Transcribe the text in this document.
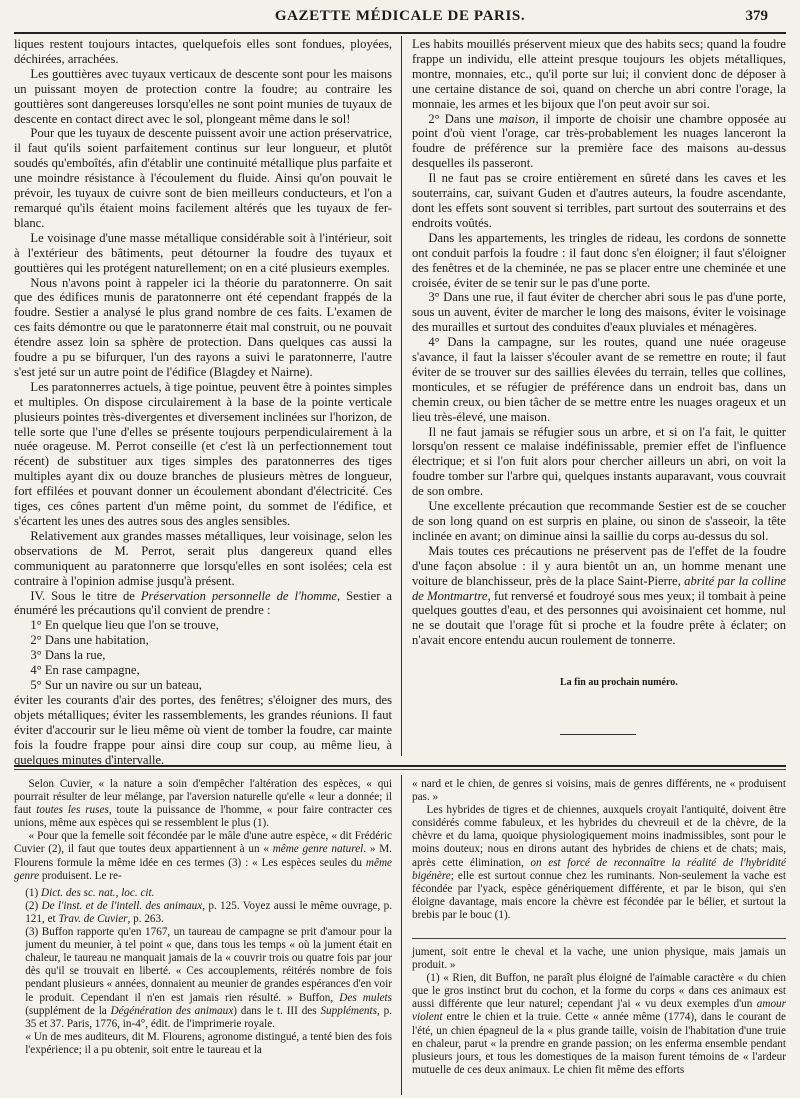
GAZETTE MÉDICALE DE PARIS.	379

liques restent toujours intactes, quelquefois elles sont fondues, ployées, déchirées, arrachées.

Les gouttières avec tuyaux verticaux de descente sont pour les maisons un puissant moyen de protection contre la foudre; au contraire les gouttières sont dangereuses lorsqu'elles ne sont point munies de tuyaux de descente en contact direct avec le sol, plongeant même dans le sol!

Pour que les tuyaux de descente puissent avoir une action préservatrice, il faut qu'ils soient parfaitement continus sur leur longueur, et plutôt soudés qu'emboîtés, afin d'établir une continuité métallique plus parfaite et une moindre résistance à l'écoulement du fluide. Ainsi qu'on pouvait le prévoir, les tuyaux de cuivre sont de bien meilleurs conducteurs, et l'on a remarqué qu'ils étaient moins facilement altérés que les tuyaux de fer-blanc.

Le voisinage d'une masse métallique considérable soit à l'intérieur, soit à l'extérieur des bâtiments, peut détourner la foudre des tuyaux et gouttières qui les protégent naturellement; on en a cité plusieurs exemples.

Nous n'avons point à rappeler ici la théorie du paratonnerre. On sait que des édifices munis de paratonnerre ont été cependant frappés de la foudre. Sestier a analysé le plus grand nombre de ces faits. L'examen de ces faits démontre ou que le paratonnerre était mal construit, ou ne pouvait étendre assez loin sa sphère de protection. Dans quelques cas aussi la foudre a pu se bifurquer, l'un des rayons a suivi le paratonnerre, l'autre s'est jeté sur un autre point de l'édifice (Blagdey et Nairne).

Les paratonnerres actuels, à tige pointue, peuvent être à pointes simples et multiples. On dispose circulairement à la base de la pointe verticale plusieurs pointes très-divergentes et diversement inclinées sur l'horizon, de telle sorte que l'une d'elles se présente toujours perpendiculairement à la nuée orageuse. M. Perrot conseille (et c'est là un perfectionnement tout récent) de substituer aux tiges simples des paratonnerres des tiges multiples ayant dix ou douze branches de plusieurs mètres de longueur, fort effilées et pouvant donner un écoulement abondant d'électricité. Ces tiges, ces cônes partent d'un même point, du sommet de l'édifice, et s'écartent les unes des autres sous des angles sensibles.

Relativement aux grandes masses métalliques, leur voisinage, selon les observations de M. Perrot, serait plus dangereux quand elles communiquent au paratonnerre que lorsqu'elles en sont isolées; cela est contraire à l'opinion admise jusqu'à présent.

IV. Sous le titre de Préservation personnelle de l'homme, Sestier a énuméré les précautions qu'il convient de prendre :

1° En quelque lieu que l'on se trouve,

2° Dans une habitation,

3° Dans la rue,

4° En rase campagne,

5° Sur un navire ou sur un bateau,

éviter les courants d'air des portes, des fenêtres; s'éloigner des murs, des objets métalliques; éviter les rassemblements, les grandes réunions. Il faut éviter d'accourir sur le lieu même où vient de tomber la foudre, car mainte fois la foudre frappe pour ainsi dire coup sur coup, au même lieu, à quelques minutes d'intervalle.

Les habits mouillés préservent mieux que des habits secs; quand la foudre frappe un individu, elle atteint presque toujours les objets métalliques, montre, monnaies, etc., qu'il porte sur lui; il convient donc de déposer à une certaine distance de soi, quand on cherche un abri contre l'orage, la monnaie, les armes et les bijoux que l'on peut avoir sur soi.

2° Dans une maison, il importe de choisir une chambre opposée au point d'où vient l'orage, car très-probablement les nuages lanceront la foudre de préférence sur la première face des maisons au-dessus desquelles ils passeront.

Il ne faut pas se croire entièrement en sûreté dans les caves et les souterrains, car, suivant Guden et d'autres auteurs, la foudre ascendante, dont les effets sont souvent si terribles, part surtout des souterrains et des endroits voûtés.

Dans les appartements, les tringles de rideau, les cordons de sonnette ont conduit parfois la foudre : il faut donc s'en éloigner; il faut s'éloigner des fenêtres et de la cheminée, ne pas se placer entre une cheminée et une croisée, éviter de se tenir sur le pas d'une porte.

3° Dans une rue, il faut éviter de chercher abri sous le pas d'une porte, sous un auvent, éviter de marcher le long des maisons, éviter le voisinage des murailles et surtout des conduites d'eaux pluviales et ménagères.

4° Dans la campagne, sur les routes, quand une nuée orageuse s'avance, il faut la laisser s'écouler avant de se remettre en route; il faut éviter de se trouver sur des saillies élevées du terrain, telles que collines, monticules, et se réfugier de préférence dans un endroit bas, dans un chemin creux, ou bien tâcher de se mettre entre les nuages orageux et un lieu très-élevé, une maison.

Il ne faut jamais se réfugier sous un arbre, et si on l'a fait, le quitter lorsqu'on ressent ce malaise indéfinissable, premier effet de l'influence électrique; et si l'on fuit alors pour chercher ailleurs un abri, on voit la foudre tomber sur l'arbre qui, quelques instants auparavant, vous couvrait de son ombre.

Une excellente précaution que recommande Sestier est de se coucher de son long quand on est surpris en plaine, ou sinon de s'asseoir, la tête inclinée en avant; on diminue ainsi la saillie du corps au-dessus du sol.

Mais toutes ces précautions ne préservent pas de l'effet de la foudre d'une façon absolue : il y aura bientôt un an, un homme menant une voiture de blanchisseur, près de la place Saint-Pierre, abrité par la colline de Montmartre, fut renversé et foudroyé sous mes yeux; il tombait à peine quelques gouttes d'eau, et des personnes qui avoisinaient cet homme, nul ne se doutait que l'orage fût si proche et la foudre prête à éclater; on n'avait encore entendu aucun roulement de tonnerre.

La fin au prochain numéro.

Selon Cuvier, « la nature a soin d'empêcher l'altération des espèces, « qui pourrait résulter de leur mélange, par l'aversion naturelle qu'elle « leur a donnée; il faut toutes les ruses, toute la puissance de l'homme, « pour faire contracter ces unions, même aux espèces qui se ressemblent le plus (1).

« Pour que la femelle soit fécondée par le mâle d'une autre espèce, « dit Frédéric Cuvier (2), il faut que toutes deux appartiennent à un « même genre naturel. » M. Flourens formule la même idée en ces termes (3) : « Les espèces seules du même genre produisent. Le re-

(1) Dict. des sc. nat., loc. cit.

(2) De l'inst. et de l'intell. des animaux, p. 125. Voyez aussi le même ouvrage, p. 121, et Trav. de Cuvier, p. 263.

(3) Buffon rapporte qu'en 1767, un taureau de campagne se prit d'amour pour la jument du meunier, à tel point « que, dans tous les temps « où la jument était en chaleur, le taureau ne manquait jamais de la « couvrir trois ou quatre fois par jour dès qu'il se trouvait en liberté. « Ces accouplements, réitérés nombre de fois pendant plusieurs « années, donnaient au meunier de grandes espérances d'en voir le produit. Cependant il n'en est jamais rien résulté. » Buffon, Des mulets (supplément de la Dégénération des animaux) dans le t. III des Suppléments, p. 35 et 37. Paris, 1776, in-4°, édit. de l'imprimerie royale.

« Un de mes auditeurs, dit M. Flourens, agronome distingué, a tenté bien des fois l'expérience; il a pu obtenir, soit entre le taureau et la

« nard et le chien, de genres si voisins, mais de genres différents, ne « produisent pas. »

Les hybrides de tigres et de chiennes, auxquels croyait l'antiquité, doivent être considérés comme fabuleux, et les hybrides du chevreuil et de la chèvre, de la chèvre et du lama, quoique physiologiquement moins inadmissibles, sont pour le moins douteux; nous en dirons autant des hybrides de chiens et de chats; mais, après cette élimination, on est forcé de reconnaître la réalité de l'hybridité bigénère; elle est surtout connue chez les ruminants. Non-seulement la vache est fécondée par l'yack, espèce génériquement différente, et par le bison, qui s'en éloigne davantage, mais encore la chèvre est fécondée par le bélier, et surtout la brebis par le bouc (1).

jument, soit entre le cheval et la vache, une union physique, mais jamais un produit. »

(1) « Rien, dit Buffon, ne paraît plus éloigné de l'aimable caractère « du chien que le gros instinct brut du cochon, et la forme du corps « dans ces animaux est aussi différente que leur naturel; cependant j'ai « vu deux exemples d'un amour violent entre le chien et la truie. Cette « année même (1774), dans le courant de l'été, un chien épagneul de la « plus grande taille, voisin de l'habitation d'une truie en chaleur, parut « la prendre en grande passion; on les enferma ensemble pendant plusieurs jours, et tous les domestiques de la maison furent témoins de « l'ardeur mutuelle de ces deux animaux. Le chien fit même des efforts
